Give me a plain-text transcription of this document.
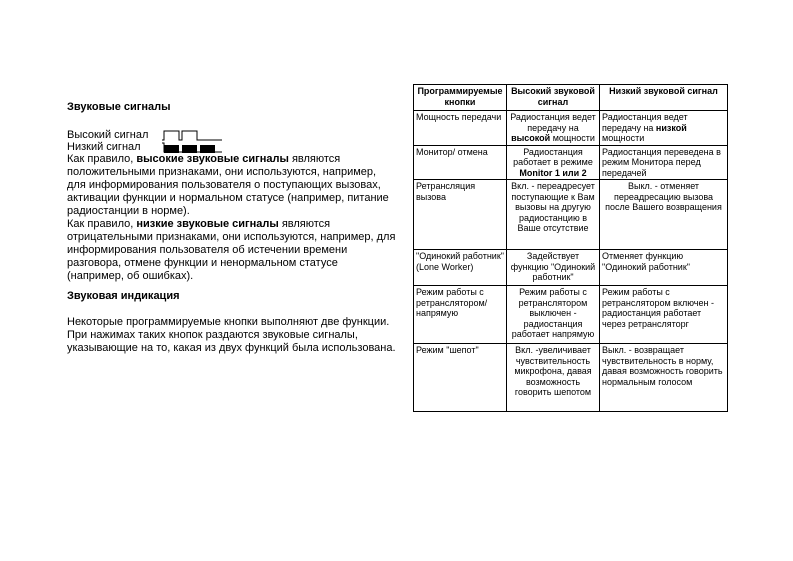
Звуковые сигналы

Высокий сигнал
Низкий сигнал

Как правило, высокие звуковые сигналы являются положительными признаками, они используются, например, для информирования пользователя о поступающих вызовах, активации функции и нормальном статусе (например, питание радиостанции в норме).

Как правило, низкие звуковые сигналы являются отрицательными признаками, они используются, например, для информирования пользователя об истечении времени разговора, отмене функции и ненормальном статусе (например, об ошибках).

Звуковая индикация

Некоторые программируемые кнопки выполняют две функции. При нажимах таких кнопок раздаются звуковые сигналы, указывающие на то, какая из двух функций была использована.

Программируемые кнопки	Высокий звуковой сигнал	Низкий звуковой сигнал
Мощность передачи	Радиостанция ведет передачу на высокой мощности	Радиостанция ведет передачу на низкой мощности
Монитор/ отмена	Радиостанция работает в режиме Monitor 1 или 2	Радиостанция переведена в режим Монитора перед передачей
Ретрансляция вызова	Вкл. - переадресует поступающие к Вам вызовы на другую радиостанцию в Ваше отсутствие	Выкл. - отменяет переадресацию вызова после Вашего возвращения
"Одинокий работник" (Lone Worker)	Задействует функцию "Одинокий работник"	Отменяет функцию "Одинокий работник"
Режим работы с ретранслятором/ напрямую	Режим работы с ретранслятором выключен - радиостанция работает напрямую	Режим работы с ретранслятором включен - радиостанция работает через ретрансляторг
Режим "шепот"	Вкл. -увеличивает чувствительность микрофона, давая возможность говорить шепотом	Выкл. - возвращает чувствительность в норму, давая возможность говорить нормальным голосом
